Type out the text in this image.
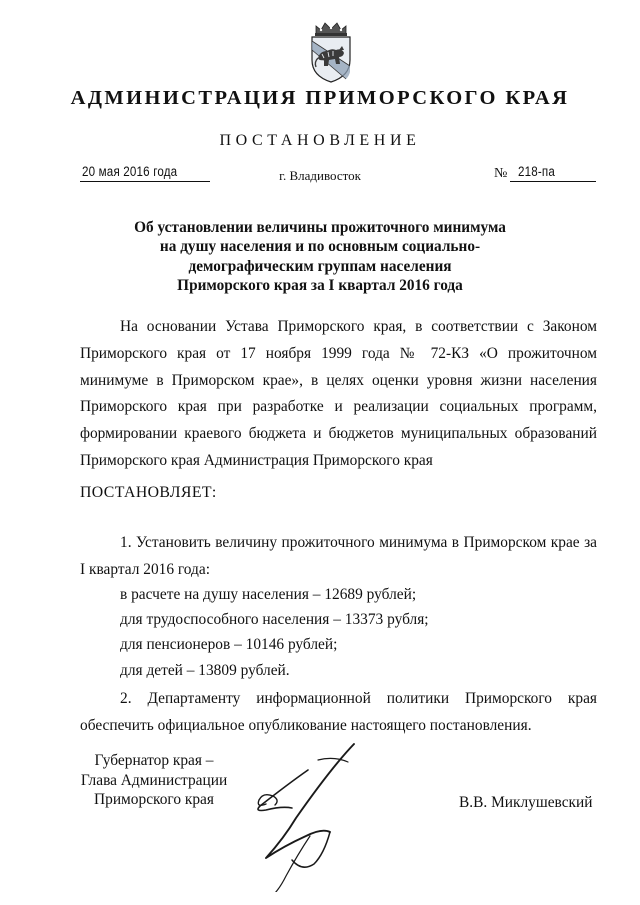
АДМИНИСТРАЦИЯ ПРИМОРСКОГО КРАЯ
ПОСТАНОВЛЕНИЕ
20 мая 2016 года	г. Владивосток	№ 218-па
Об установлении величины прожиточного минимума
на душу населения и по основным социально-
демографическим группам населения
Приморского края за I квартал 2016 года

На основании Устава Приморского края, в соответствии с Законом Приморского края от 17 ноября 1999 года № 72-КЗ «О прожиточном минимуме в Приморском крае», в целях оценки уровня жизни населения Приморского края при разработке и реализации социальных программ, формировании краевого бюджета и бюджетов муниципальных образований Приморского края Администрация Приморского края

ПОСТАНОВЛЯЕТ:

1. Установить величину прожиточного минимума в Приморском крае за I квартал 2016 года:

в расчете на душу населения – 12689 рублей;
для трудоспособного населения – 13373 рубля;
для пенсионеров – 10146 рублей;
для детей – 13809 рублей.

2. Департаменту информационной политики Приморского края обеспечить официальное опубликование настоящего постановления.

Губернатор края –
Глава Администрации
Приморского края	В.В. Миклушевский
